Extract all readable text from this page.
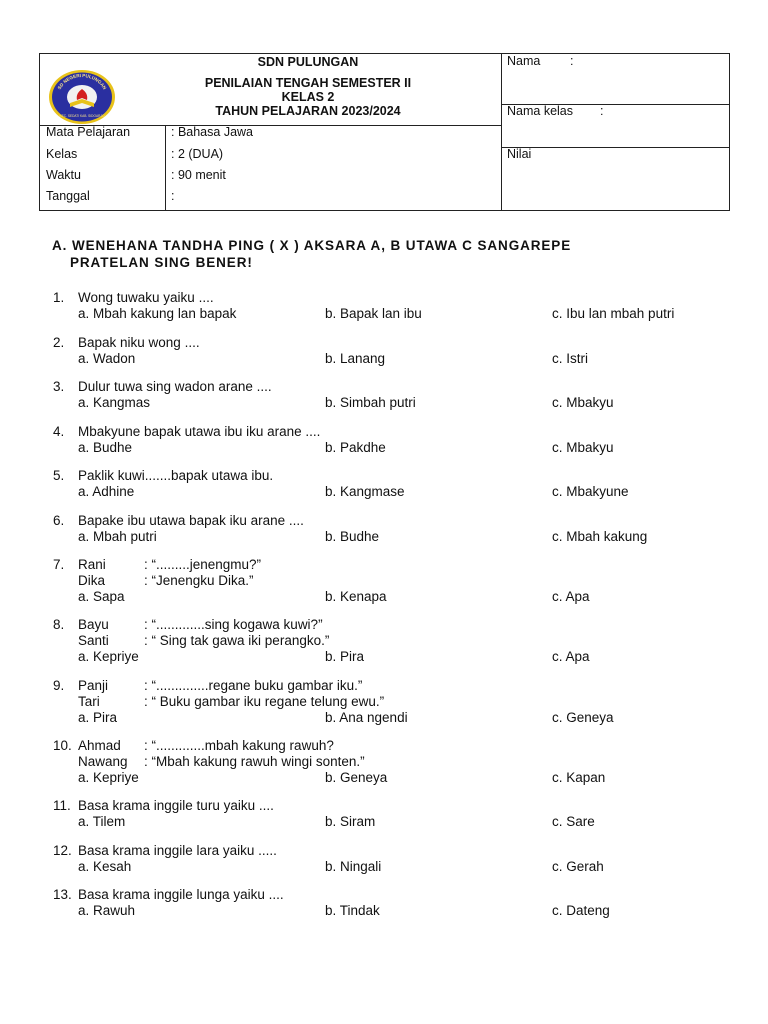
SD NEGERI PULUNGAN
KEC. SEDATI KAB. SIDOARJO
SDN PULUNGAN
PENILAIAN TENGAH SEMESTER II
KELAS 2
TAHUN PELAJARAN 2023/2024
Mata Pelajaran	: Bahasa Jawa
Kelas	: 2 (DUA)
Waktu	: 90 menit
Tanggal	:
Nama :
Nama kelas :
Nilai
A. WENEHANA TANDHA PING ( X ) AKSARA A, B UTAWA C SANGAREPE
PRATELAN SING BENER!
1. Wong tuwaku yaiku ....
a. Mbah kakung lan bapak	b. Bapak lan ibu	c. Ibu lan mbah putri
2. Bapak niku wong ....
a. Wadon	b. Lanang	c. Istri
3. Dulur tuwa sing wadon arane ....
a. Kangmas	b. Simbah putri	c. Mbakyu
4. Mbakyune bapak utawa ibu iku arane ....
a. Budhe	b. Pakdhe	c. Mbakyu
5. Paklik kuwi.......bapak utawa ibu.
a. Adhine	b. Kangmase	c. Mbakyune
6. Bapake ibu utawa bapak iku arane ....
a. Mbah putri	b. Budhe	c. Mbah kakung
7. Rani	: “.........jenengmu?”
Dika	: “Jenengku Dika.”
a. Sapa	b. Kenapa	c. Apa
8. Bayu	: “.............sing kogawa kuwi?”
Santi	: “ Sing tak gawa iki perangko.”
a. Kepriye	b. Pira	c. Apa
9. Panji	: “..............regane buku gambar iku.”
Tari	: “ Buku gambar iku regane telung ewu.”
a. Pira	b. Ana ngendi	c. Geneya
10. Ahmad : “.............mbah kakung rawuh?
Nawang : “Mbah kakung rawuh wingi sonten.”
a. Kepriye	b. Geneya	c. Kapan
11. Basa krama inggile turu yaiku ....
a. Tilem	b. Siram	c. Sare
12. Basa krama inggile lara yaiku .....
a. Kesah	b. Ningali	c. Gerah
13. Basa krama inggile lunga yaiku ....
a. Rawuh	b. Tindak	c. Dateng
